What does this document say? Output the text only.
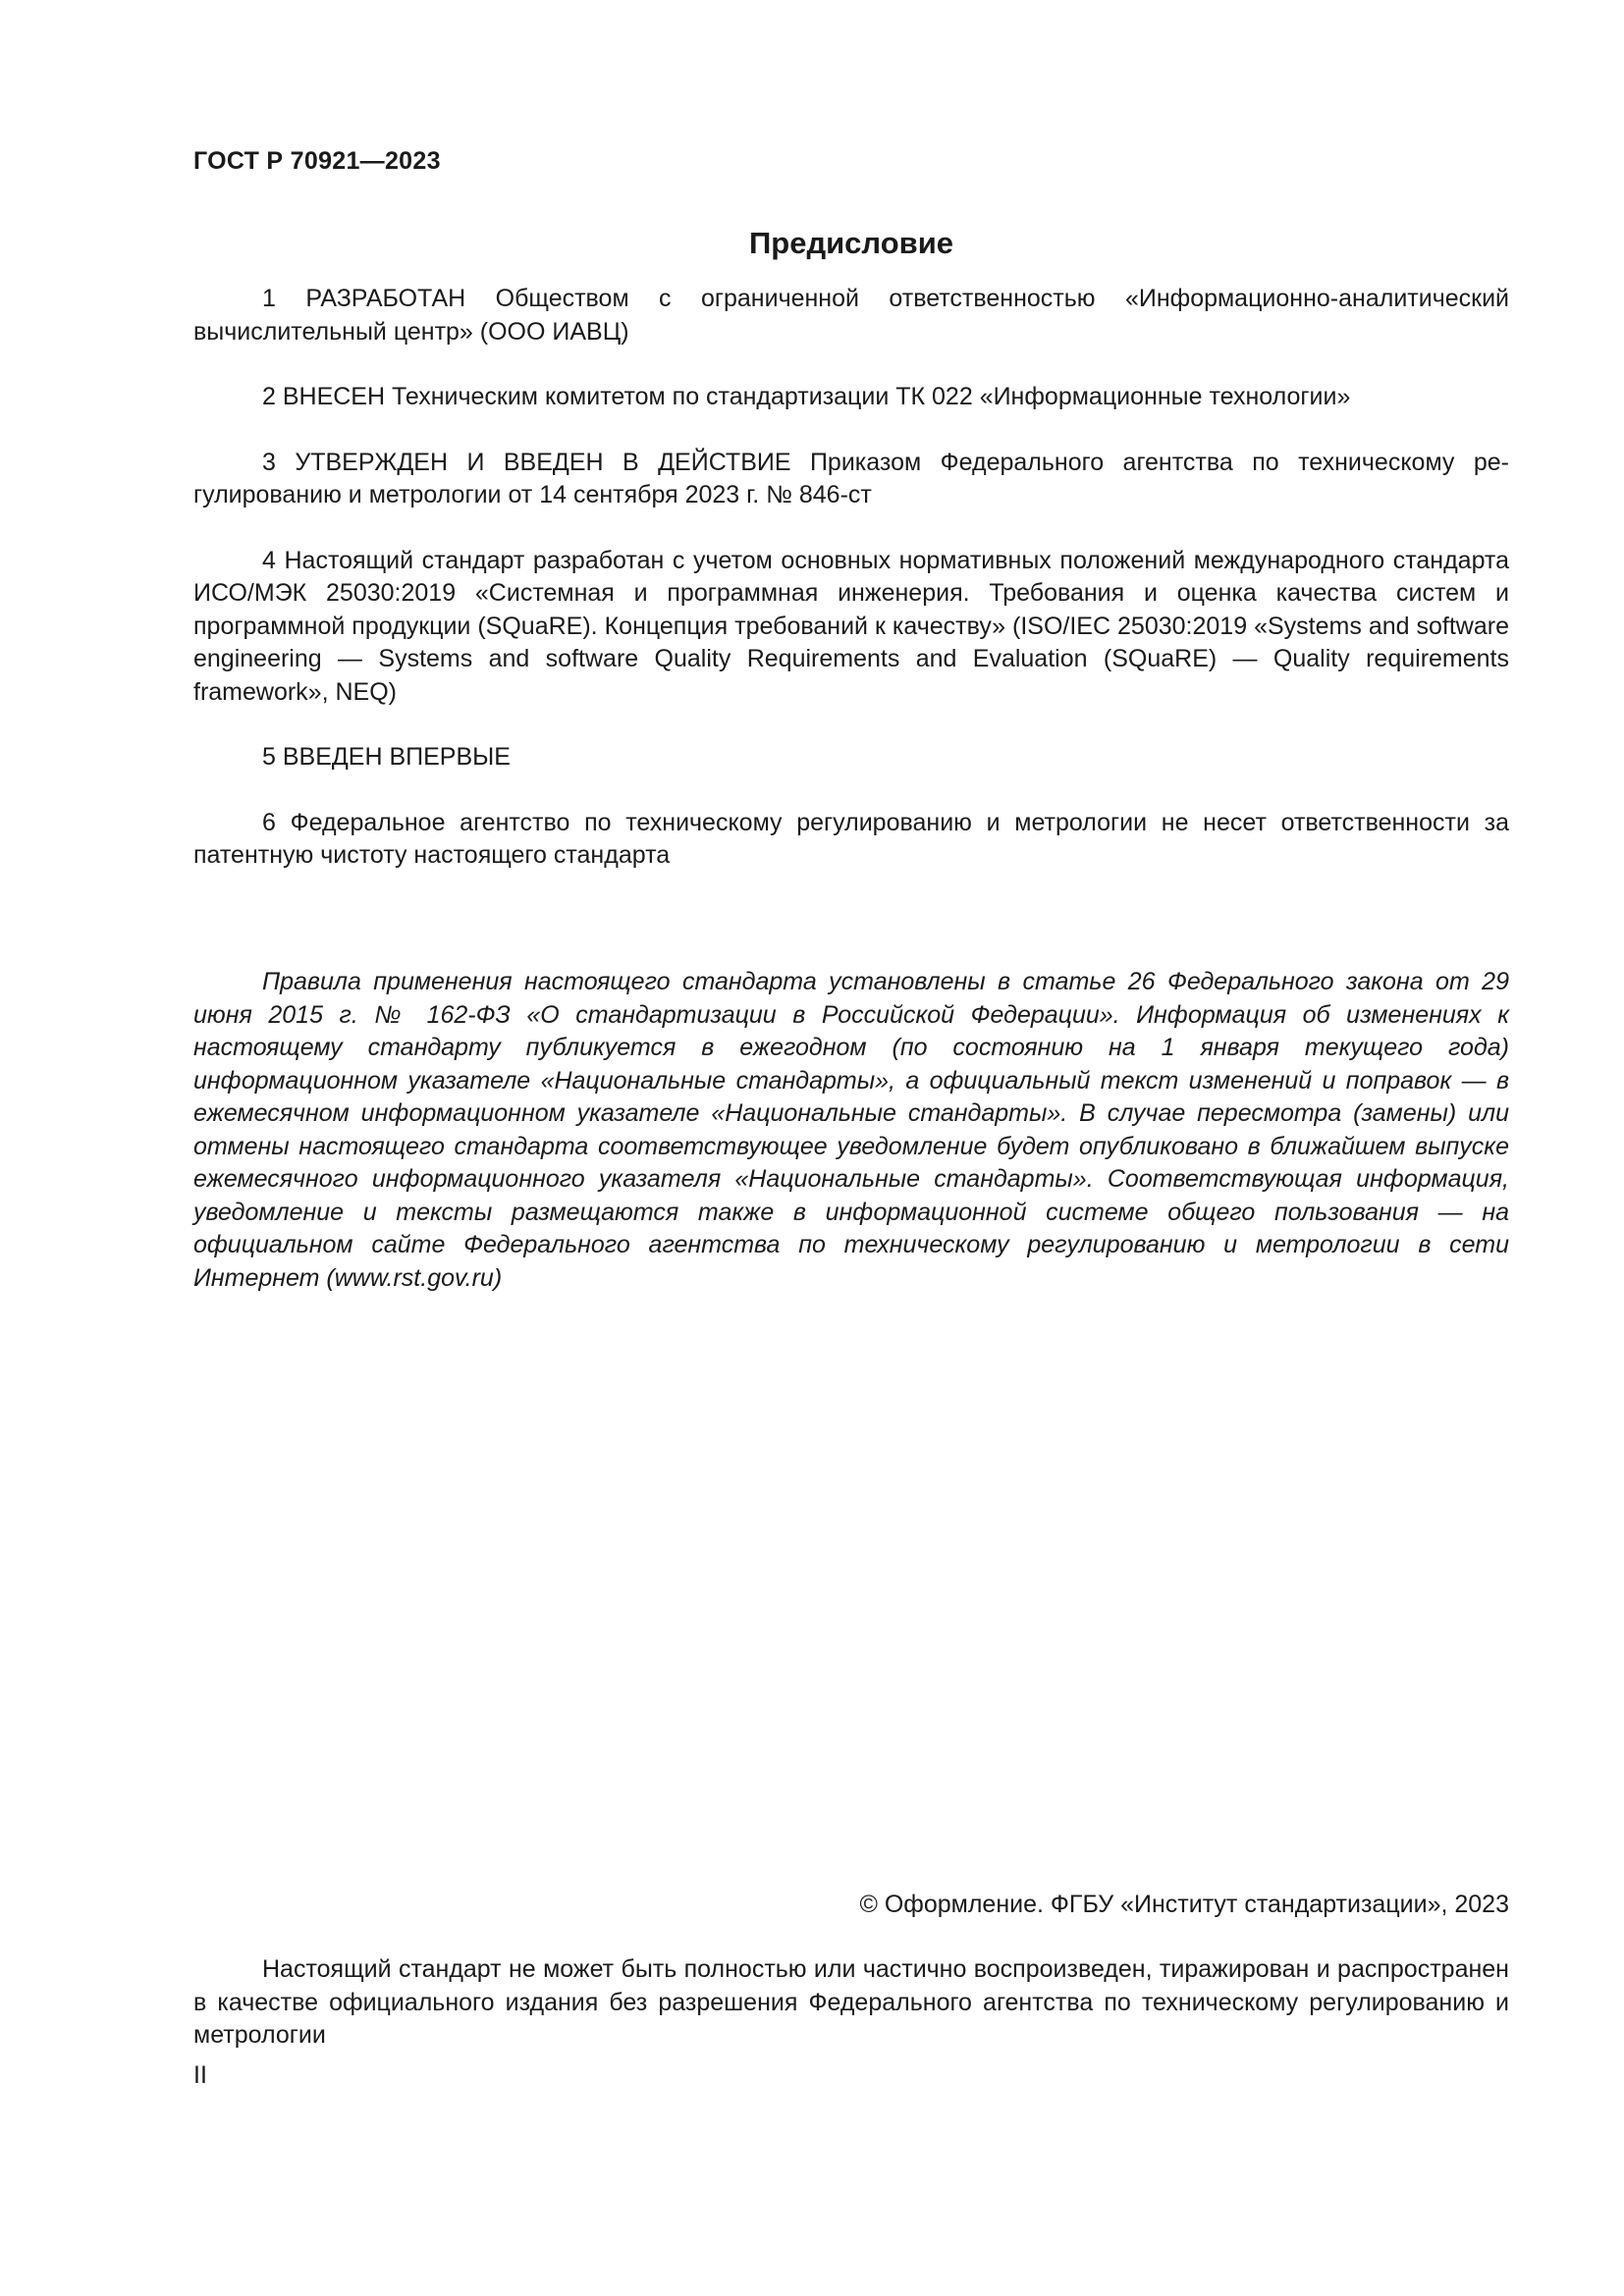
ГОСТ Р 70921—2023
Предисловие

1 РАЗРАБОТАН Обществом с ограниченной ответственностью «Информационно-аналитический вычислительный центр» (ООО ИАВЦ)

2 ВНЕСЕН Техническим комитетом по стандартизации ТК 022 «Информационные технологии»

3 УТВЕРЖДЕН И ВВЕДЕН В ДЕЙСТВИЕ Приказом Федерального агентства по техническому регулированию и метрологии от 14 сентября 2023 г. № 846-ст

4 Настоящий стандарт разработан с учетом основных нормативных положений международного стандарта ИСО/МЭК 25030:2019 «Системная и программная инженерия. Требования и оценка качества систем и программной продукции (SQuaRE). Концепция требований к качеству» (ISO/IEC 25030:2019 «Systems and software engineering — Systems and software Quality Requirements and Evaluation (SQuaRE) — Quality requirements framework», NEQ)

5 ВВЕДЕН ВПЕРВЫЕ

6 Федеральное агентство по техническому регулированию и метрологии не несет ответственности за патентную чистоту настоящего стандарта

Правила применения настоящего стандарта установлены в статье 26 Федерального закона от 29 июня 2015 г. № 162-ФЗ «О стандартизации в Российской Федерации». Информация об изменениях к настоящему стандарту публикуется в ежегодном (по состоянию на 1 января текущего года) информационном указателе «Национальные стандарты», а официальный текст изменений и поправок — в ежемесячном информационном указателе «Национальные стандарты». В случае пересмотра (замены) или отмены настоящего стандарта соответствующее уведомление будет опубликовано в ближайшем выпуске ежемесячного информационного указателя «Национальные стандарты». Соответствующая информация, уведомление и тексты размещаются также в информационной системе общего пользования — на официальном сайте Федерального агентства по техническому регулированию и метрологии в сети Интернет (www.rst.gov.ru)

© Оформление. ФГБУ «Институт стандартизации», 2023

Настоящий стандарт не может быть полностью или частично воспроизведен, тиражирован и распространен в качестве официального издания без разрешения Федерального агентства по техническому регулированию и метрологии

II
